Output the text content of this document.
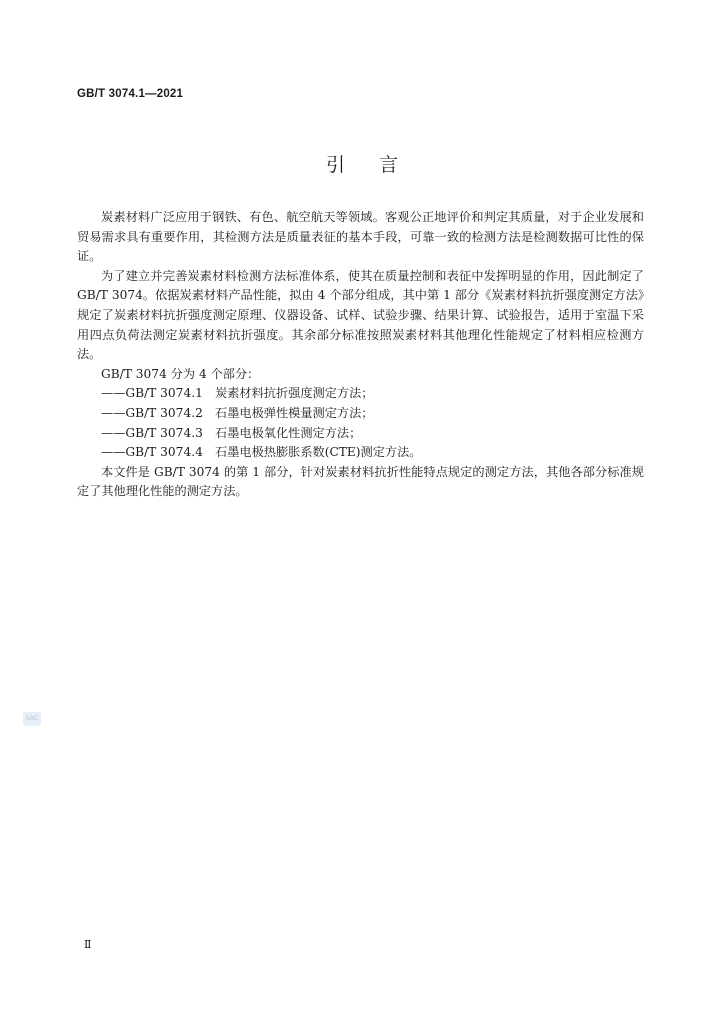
GB/T 3074.1—2021
引言

炭素材料广泛应用于钢铁、有色、航空航天等领域。客观公正地评价和判定其质量，对于企业发展和贸易需求具有重要作用，其检测方法是质量表征的基本手段，可靠一致的检测方法是检测数据可比性的保证。

为了建立并完善炭素材料检测方法标准体系，使其在质量控制和表征中发挥明显的作用，因此制定了 GB/T 3074。依据炭素材料产品性能，拟由 4 个部分组成，其中第 1 部分《炭素材料抗折强度测定方法》规定了炭素材料抗折强度测定原理、仪器设备、试样、试验步骤、结果计算、试验报告，适用于室温下采用四点负荷法测定炭素材料抗折强度。其余部分标准按照炭素材料其他理化性能规定了材料相应检测方法。

GB/T 3074 分为 4 个部分：

——GB/T 3074.1　炭素材料抗折强度测定方法；

——GB/T 3074.2　石墨电极弹性模量测定方法；

——GB/T 3074.3　石墨电极氧化性测定方法；

——GB/T 3074.4　石墨电极热膨胀系数(CTE)测定方法。

本文件是 GB/T 3074 的第 1 部分，针对炭素材料抗折性能特点规定的测定方法，其他各部分标准规定了其他理化性能的测定方法。

SAC
Ⅱ
